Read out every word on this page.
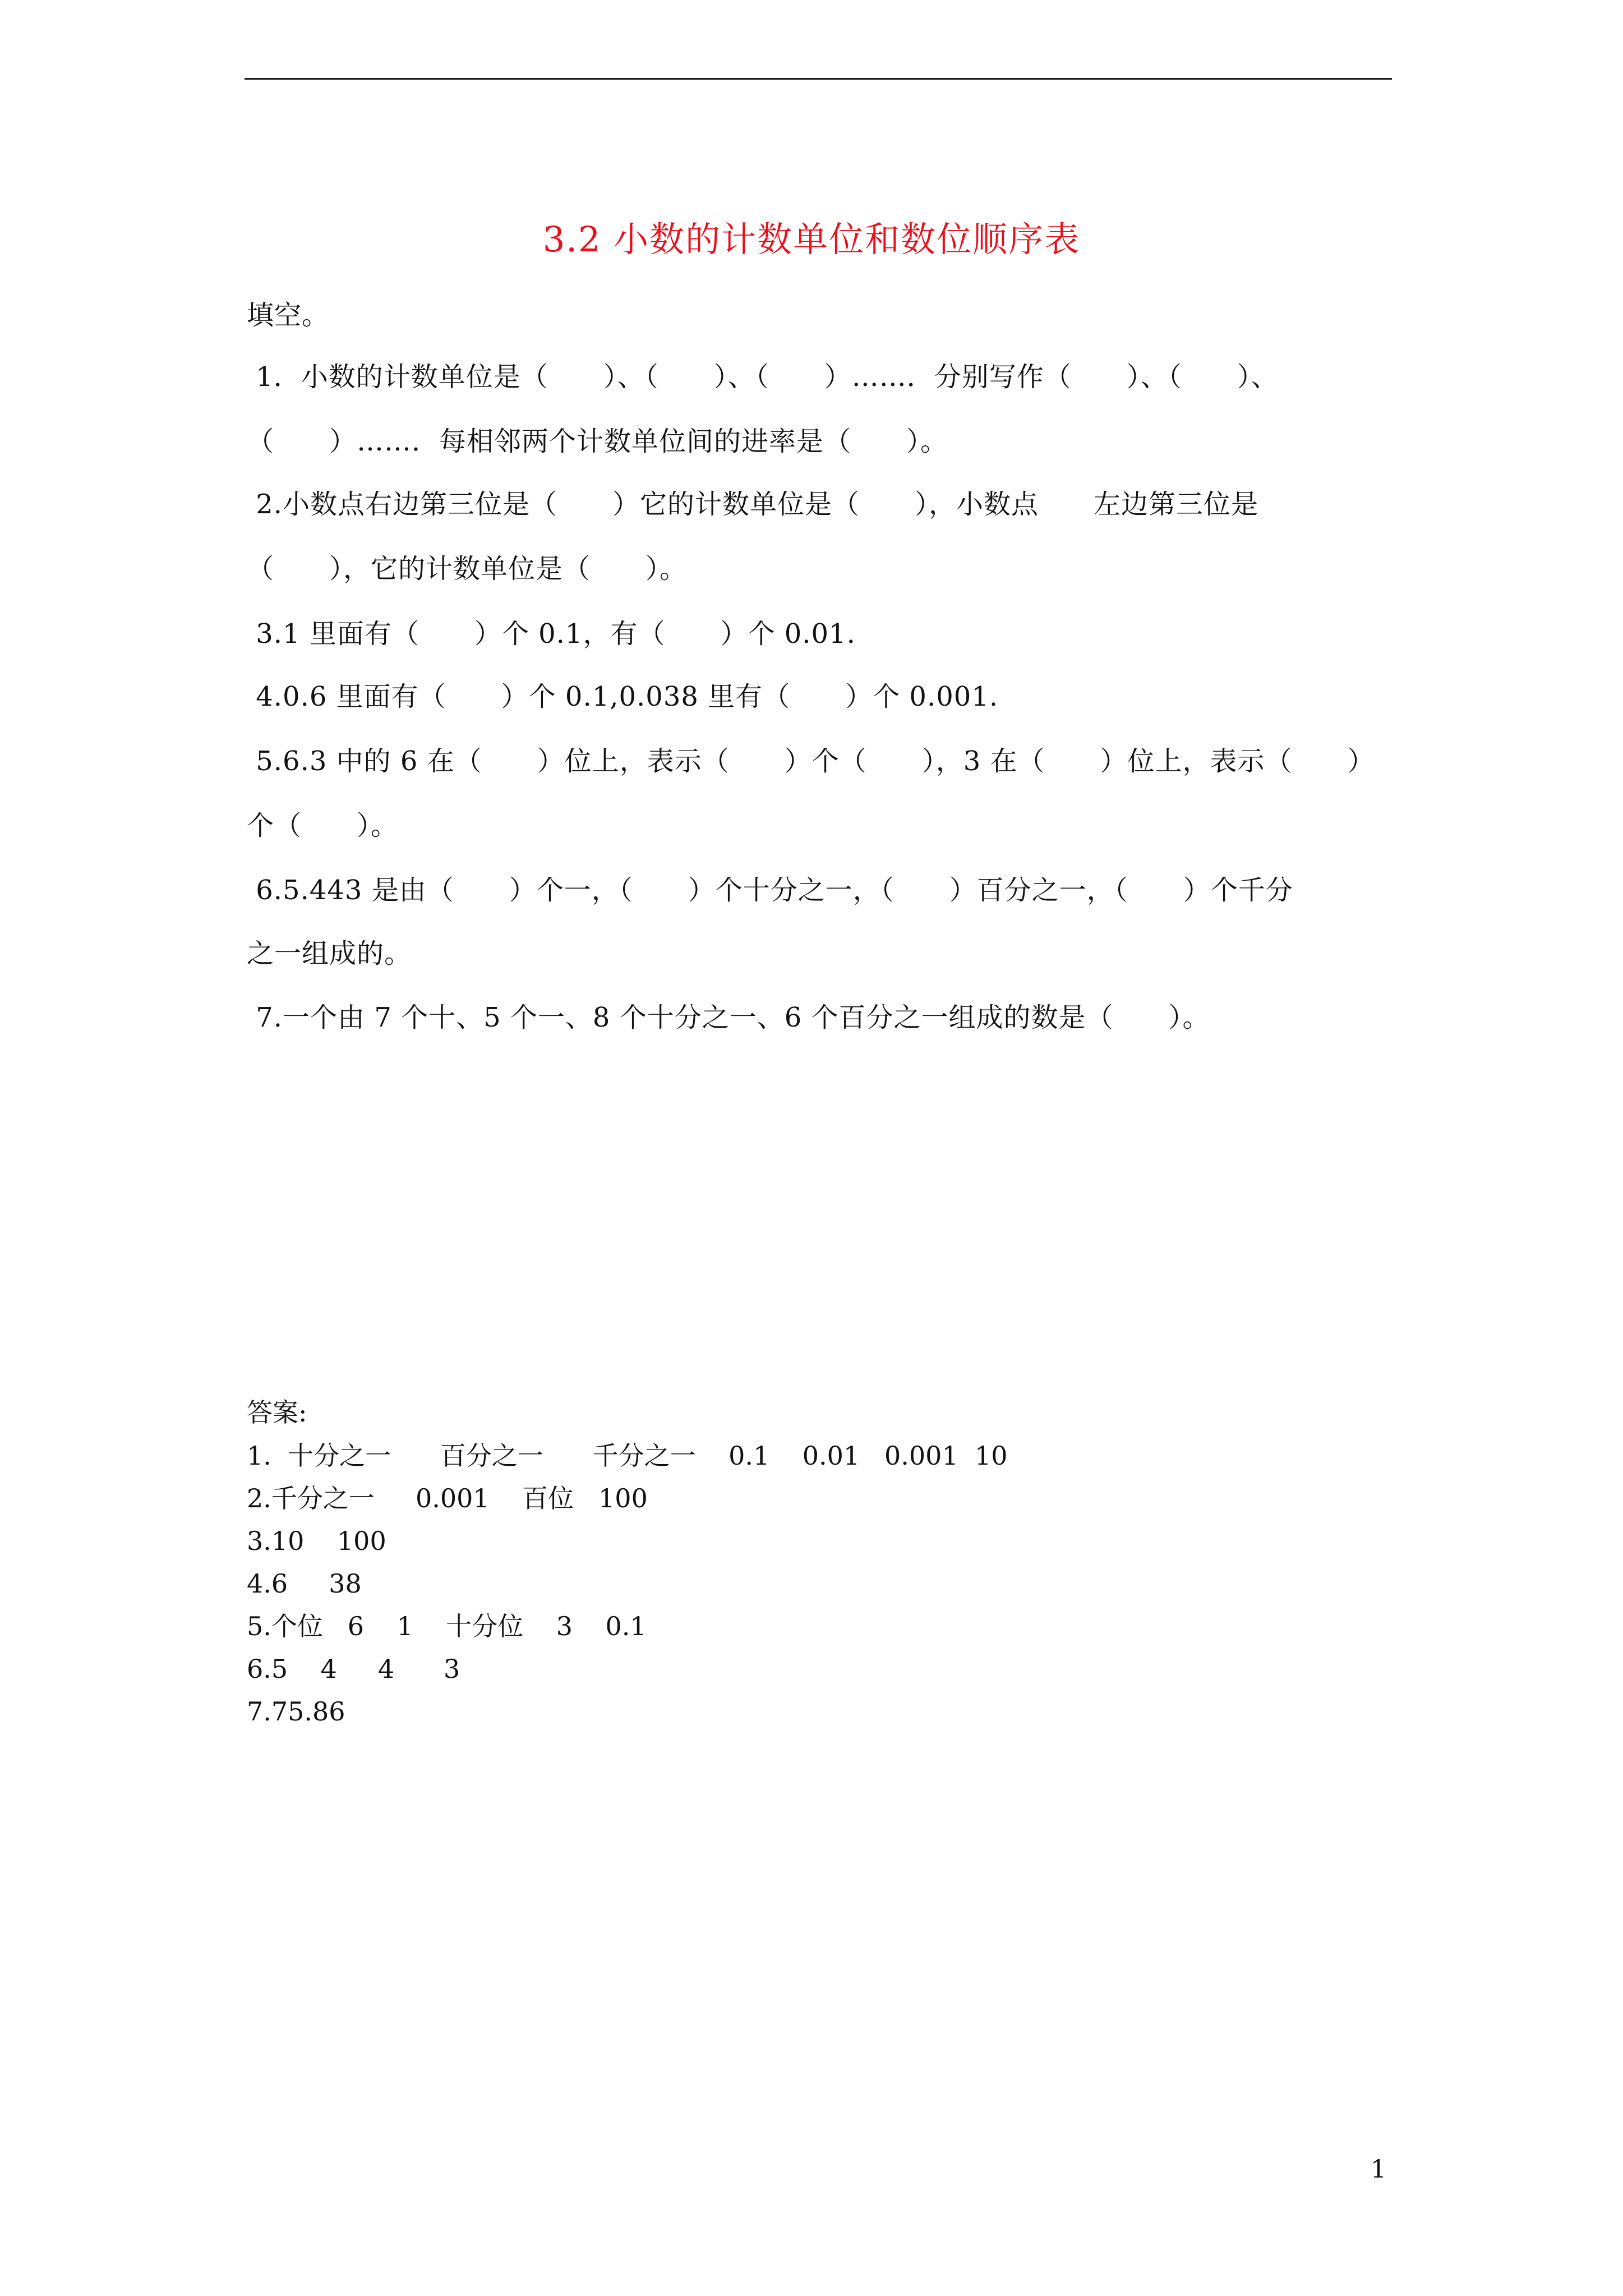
3.2 小数的计数单位和数位顺序表
填空。
1．小数的计数单位是（　　）、（　　）、（　　）……．分别写作（　　）、（　　）、
（　　）……．每相邻两个计数单位间的进率是（　　）。
2.小数点右边第三位是（　　）它的计数单位是（　　），小数点　　左边第三位是
（　　），它的计数单位是（　　）。
3.1 里面有（　　）个 0.1，有（　　）个 0.01.
4.0.6 里面有（　　）个 0.1,0.038 里有（　　）个 0.001.
5.6.3 中的 6 在（　　）位上，表示（　　）个（　　），3 在（　　）位上，表示（　　）
个（　　）。
6.5.443 是由（　　）个一，（　　）个十分之一，（　　）百分之一，（　　）个千分
之一组成的。
7.一个由 7 个十、5 个一、8 个十分之一、6 个百分之一组成的数是（　　）。
答案:
1.  十分之一      百分之一      千分之一    0.1    0.01   0.001  10
2.千分之一     0.001    百位   100
3.10    100
4.6     38
5.个位   6    1    十分位    3    0.1
6.5    4     4      3
7.75.86
1
